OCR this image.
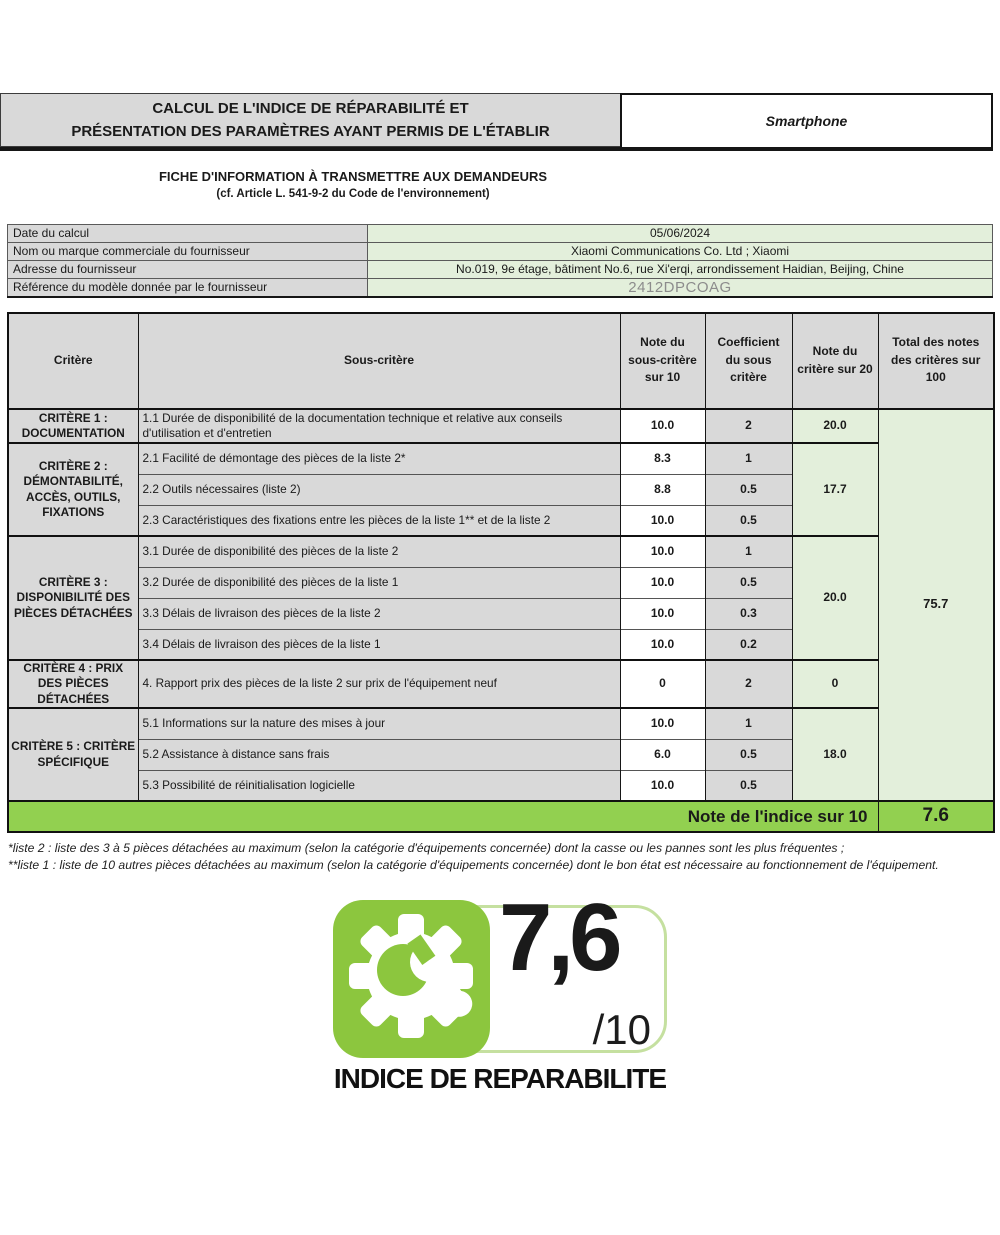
CALCUL DE L'INDICE DE RÉPARABILITÉ ET
PRÉSENTATION DES PARAMÈTRES AYANT PERMIS DE L'ÉTABLIR
Smartphone
FICHE D'INFORMATION À TRANSMETTRE AUX DEMANDEURS
(cf. Article L. 541-9-2 du Code de l'environnement)
Date du calcul	05/06/2024
Nom ou marque commerciale du fournisseur	Xiaomi Communications Co. Ltd ; Xiaomi
Adresse du fournisseur	No.019, 9e étage, bâtiment No.6, rue Xi'erqi, arrondissement Haidian, Beijing, Chine
Référence du modèle donnée par le fournisseur	2412DPCOAG
Critère	Sous-critère	Note du sous-critère sur 10	Coefficient du sous critère	Note du critère sur 20	Total des notes des critères sur 100
CRITÈRE 1 : DOCUMENTATION	1.1 Durée de disponibilité de la documentation technique et relative aux conseils d'utilisation et d'entretien	10.0	2	20.0	75.7
CRITÈRE 2 : DÉMONTABILITÉ, ACCÈS, OUTILS, FIXATIONS	2.1 Facilité de démontage des pièces de la liste 2*	8.3	1	17.7	
	2.2 Outils nécessaires (liste 2)	8.8	0.5		
	2.3 Caractéristiques des fixations entre les pièces de la liste 1** et de la liste 2	10.0	0.5		
CRITÈRE 3 : DISPONIBILITÉ DES PIÈCES DÉTACHÉES	3.1 Durée de disponibilité des pièces de la liste 2	10.0	1	20.0	
	3.2 Durée de disponibilité des pièces de la liste 1	10.0	0.5		
	3.3 Délais de livraison des pièces de la liste 2	10.0	0.3		
	3.4 Délais de livraison des pièces de la liste 1	10.0	0.2		
CRITÈRE 4 : PRIX DES PIÈCES DÉTACHÉES	4. Rapport prix des pièces de la liste 2 sur prix de l'équipement neuf	0	2	0	
CRITÈRE 5 : CRITÈRE SPÉCIFIQUE	5.1 Informations sur la nature des mises à jour	10.0	1	18.0	
	5.2 Assistance à distance sans frais	6.0	0.5		
	5.3 Possibilité de réinitialisation logicielle	10.0	0.5		
Note de l'indice sur 10					7.6

*liste 2 : liste des 3 à 5 pièces détachées au maximum (selon la catégorie d'équipements concernée) dont la casse ou les pannes sont les plus fréquentes ;

**liste 1 : liste de 10 autres pièces détachées au maximum (selon la catégorie d'équipements concernée) dont le bon état est nécessaire au fonctionnement de l'équipement.

7,6
/10
INDICE DE REPARABILITE
